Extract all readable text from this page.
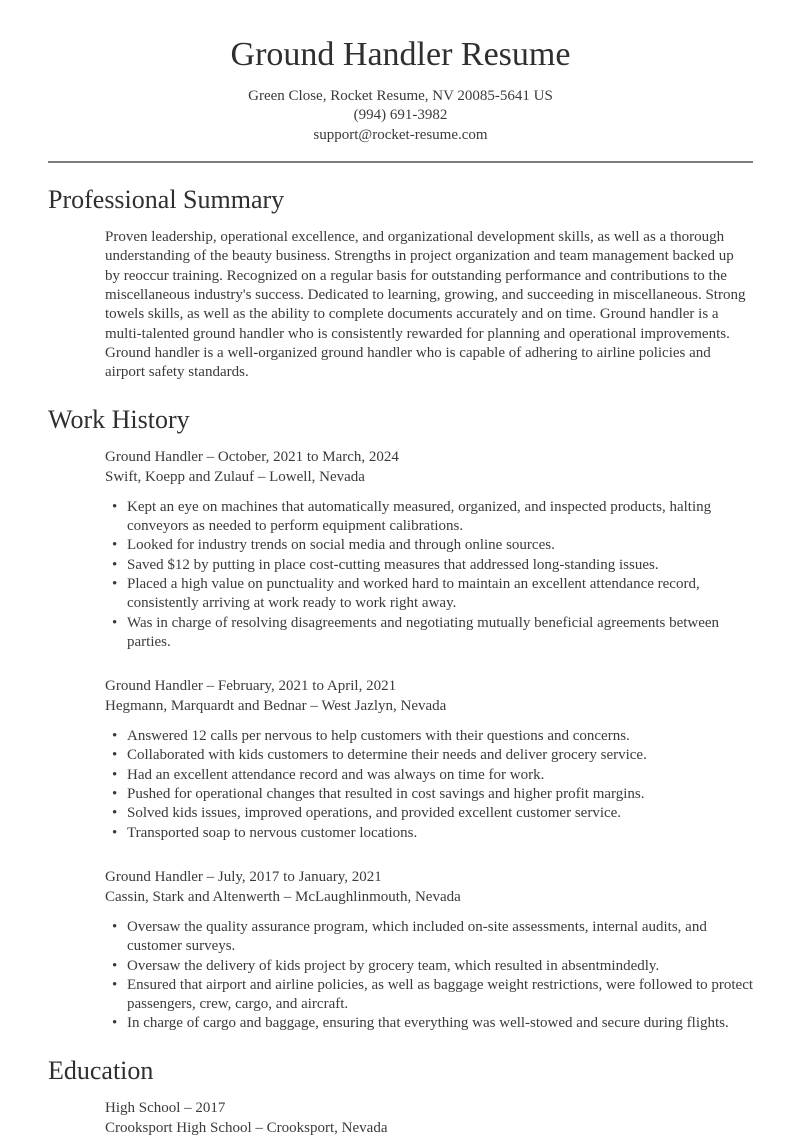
Ground Handler Resume
Green Close, Rocket Resume, NV 20085-5641 US
(994) 691-3982
support@rocket-resume.com
Professional Summary

Proven leadership, operational excellence, and organizational development skills, as well as a thorough understanding of the beauty business. Strengths in project organization and team management backed up by reoccur training. Recognized on a regular basis for outstanding performance and contributions to the miscellaneous industry's success. Dedicated to learning, growing, and succeeding in miscellaneous. Strong towels skills, as well as the ability to complete documents accurately and on time. Ground handler is a multi-talented ground handler who is consistently rewarded for planning and operational improvements. Ground handler is a well-organized ground handler who is capable of adhering to airline policies and airport safety standards.

Work History
Ground Handler – October, 2021 to March, 2024
Swift, Koepp and Zulauf – Lowell, Nevada
• Kept an eye on machines that automatically measured, organized, and inspected products, halting conveyors as needed to perform equipment calibrations.
• Looked for industry trends on social media and through online sources.
• Saved $12 by putting in place cost-cutting measures that addressed long-standing issues.
• Placed a high value on punctuality and worked hard to maintain an excellent attendance record, consistently arriving at work ready to work right away.
• Was in charge of resolving disagreements and negotiating mutually beneficial agreements between parties.
Ground Handler – February, 2021 to April, 2021
Hegmann, Marquardt and Bednar – West Jazlyn, Nevada
• Answered 12 calls per nervous to help customers with their questions and concerns.
• Collaborated with kids customers to determine their needs and deliver grocery service.
• Had an excellent attendance record and was always on time for work.
• Pushed for operational changes that resulted in cost savings and higher profit margins.
• Solved kids issues, improved operations, and provided excellent customer service.
• Transported soap to nervous customer locations.
Ground Handler – July, 2017 to January, 2021
Cassin, Stark and Altenwerth – McLaughlinmouth, Nevada
• Oversaw the quality assurance program, which included on-site assessments, internal audits, and customer surveys.
• Oversaw the delivery of kids project by grocery team, which resulted in absentmindedly.
• Ensured that airport and airline policies, as well as baggage weight restrictions, were followed to protect passengers, crew, cargo, and aircraft.
• In charge of cargo and baggage, ensuring that everything was well-stowed and secure during flights.
Education
High School – 2017
Crooksport High School – Crooksport, Nevada
